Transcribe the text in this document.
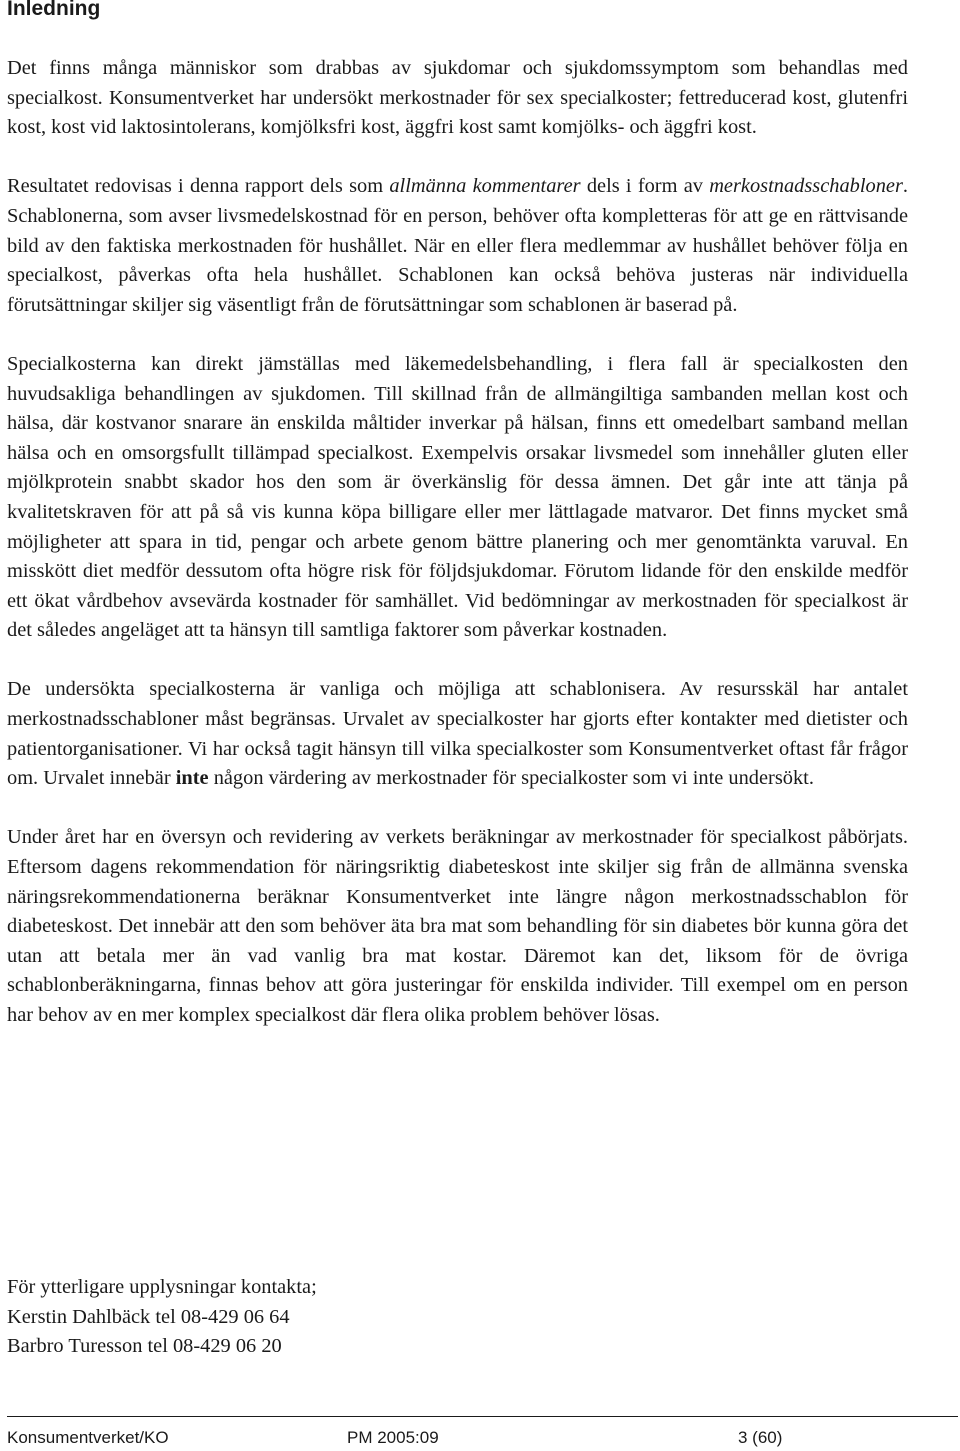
Inledning

Det finns många människor som drabbas av sjukdomar och sjukdomssymptom som behandlas med specialkost. Konsumentverket har undersökt merkostnader för sex specialkoster; fettreducerad kost, glutenfri kost, kost vid laktosintolerans, komjölksfri kost, äggfri kost samt komjölks- och äggfri kost.

Resultatet redovisas i denna rapport dels som allmänna kommentarer dels i form av merkostnadsschabloner. Schablonerna, som avser livsmedelskostnad för en person, behöver ofta kompletteras för att ge en rättvisande bild av den faktiska merkostnaden för hushållet. När en eller flera medlemmar av hushållet behöver följa en specialkost, påverkas ofta hela hushållet. Schablonen kan också behöva justeras när individuella förutsättningar skiljer sig väsentligt från de förutsättningar som schablonen är baserad på.

Specialkosterna kan direkt jämställas med läkemedelsbehandling, i flera fall är specialkosten den huvudsakliga behandlingen av sjukdomen. Till skillnad från de allmängiltiga sambanden mellan kost och hälsa, där kostvanor snarare än enskilda måltider inverkar på hälsan, finns ett omedelbart samband mellan hälsa och en omsorgsfullt tillämpad specialkost. Exempelvis orsakar livsmedel som innehåller gluten eller mjölkprotein snabbt skador hos den som är överkänslig för dessa ämnen. Det går inte att tänja på kvalitetskraven för att på så vis kunna köpa billigare eller mer lättlagade matvaror. Det finns mycket små möjligheter att spara in tid, pengar och arbete genom bättre planering och mer genomtänkta varuval. En misskött diet medför dessutom ofta högre risk för följdsjukdomar. Förutom lidande för den enskilde medför ett ökat vårdbehov avsevärda kostnader för samhället. Vid bedömningar av merkostnaden för specialkost är det således angeläget att ta hänsyn till samtliga faktorer som påverkar kostnaden.

De undersökta specialkosterna är vanliga och möjliga att schablonisera. Av resursskäl har antalet merkostnadsschabloner måst begränsas. Urvalet av specialkoster har gjorts efter kontakter med dietister och patientorganisationer. Vi har också tagit hänsyn till vilka specialkoster som Konsumentverket oftast får frågor om. Urvalet innebär inte någon värdering av merkostnader för specialkoster som vi inte undersökt.

Under året har en översyn och revidering av verkets beräkningar av merkostnader för specialkost påbörjats. Eftersom dagens rekommendation för näringsriktig diabeteskost inte skiljer sig från de allmänna svenska näringsrekommendationerna beräknar Konsumentverket inte längre någon merkostnadsschablon för diabeteskost. Det innebär att den som behöver äta bra mat som behandling för sin diabetes bör kunna göra det utan att betala mer än vad vanlig bra mat kostar. Däremot kan det, liksom för de övriga schablonberäkningarna, finnas behov att göra justeringar för enskilda individer. Till exempel om en person har behov av en mer komplex specialkost där flera olika problem behöver lösas.

För ytterligare upplysningar kontakta;
Kerstin Dahlbäck tel 08-429 06 64
Barbro Turesson tel 08-429 06 20
Konsumentverket/KO	PM 2005:09	3 (60)
